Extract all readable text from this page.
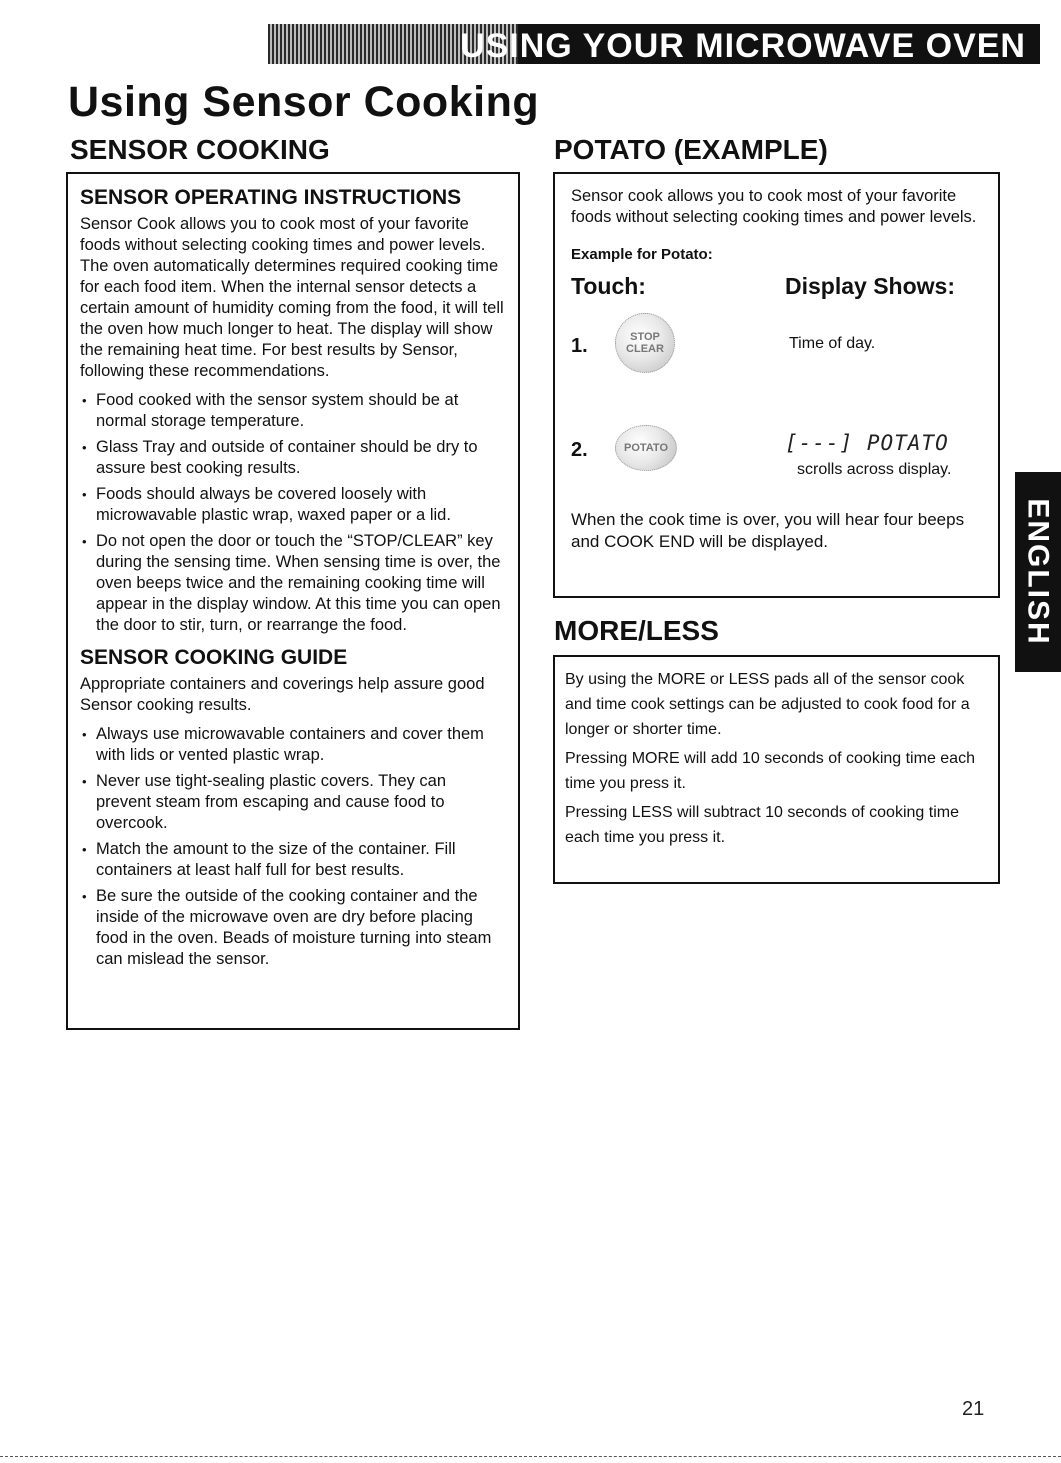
USING YOUR MICROWAVE OVEN
Using Sensor Cooking
SENSOR COOKING
SENSOR OPERATING INSTRUCTIONS

Sensor Cook allows you to cook most of your favorite foods without selecting cooking times and power levels. The oven automatically determines required cooking time for each food item. When the internal sensor detects a certain amount of humidity coming from the food, it will tell the oven how much longer to heat. The display will show the remaining heat time. For best results by Sensor, following these recommendations.

• Food cooked with the sensor system should be at normal storage temperature.
• Glass Tray and outside of container should be dry to assure best cooking results.
• Foods should always be covered loosely with microwavable plastic wrap, waxed paper or a lid.
• Do not open the door or touch the “STOP/CLEAR” key during the sensing time. When sensing time is over, the oven beeps twice and the remaining cooking time will appear in the display window. At this time you can open the door to stir, turn, or rearrange the food.
SENSOR COOKING GUIDE

Appropriate containers and coverings help assure good Sensor cooking results.

• Always use microwavable containers and cover them with lids or vented plastic wrap.
• Never use tight-sealing plastic covers. They can prevent steam from escaping and cause food to overcook.
• Match the amount to the size of the container. Fill containers at least half full for best results.
• Be sure the outside of the cooking container and the inside of the microwave oven are dry before placing food in the oven. Beads of moisture turning into steam can mislead the sensor.
POTATO (EXAMPLE)

Sensor cook allows you to cook most of your favorite foods without selecting cooking times and power levels.

Example for Potato:
Touch:	Display Shows:
1.	STOP CLEAR	Time of day.
2.	POTATO	[---] POTATO
scrolls across display.

When the cook time is over, you will hear four beeps and COOK END will be displayed.

MORE/LESS

By using the MORE or LESS pads all of the sensor cook and time cook settings can be adjusted to cook food for a longer or shorter time.

Pressing MORE will add 10 seconds of cooking time each time you press it.

Pressing LESS will subtract 10 seconds of cooking time each time you press it.

ENGLISH
21
